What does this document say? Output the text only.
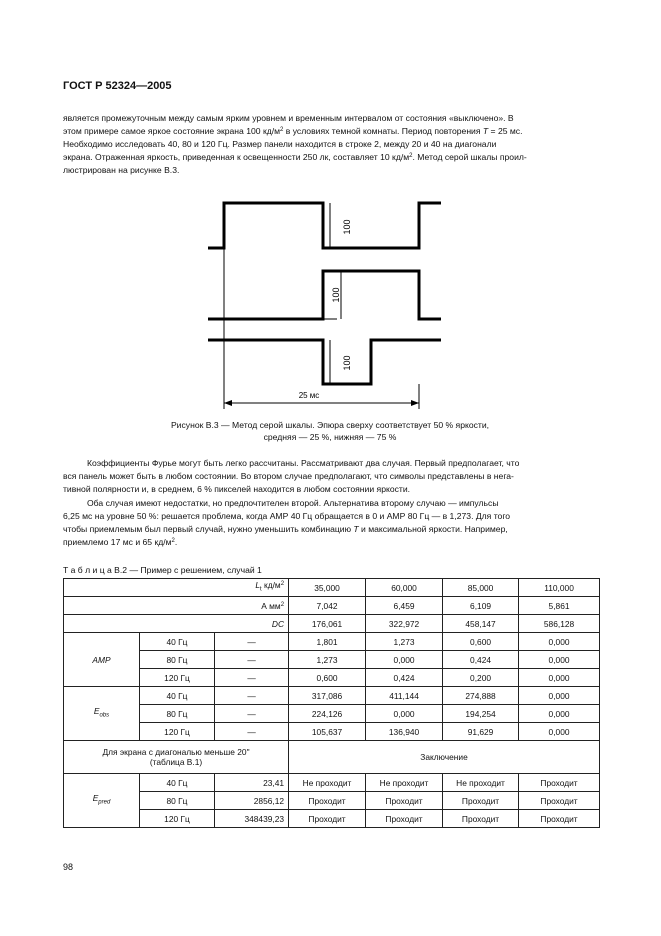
ГОСТ Р 52324—2005

является промежуточным между самым ярким уровнем и временным интервалом от состояния «выключено». В
этом примере самое яркое состояние экрана 100 $кд/м^2$ в условиях темной комнаты. Период повторения T = 25 мс.
Необходимо исследовать 40, 80 и 120 Гц. Размер панели находится в строке 2, между 20 и 40 на диагонали
экрана. Отраженная яркость, приведенная к освещенности 250 лк, составляет 10 $кд/м^2$. Метод серой шкалы проил-
люстрирован на рисунке В.3.

100
100
100
25 мс
Рисунок В.3 — Метод серой шкалы. Эпюра сверху соответствует 50 % яркости,
средняя — 25 %, нижняя — 75 %

Коэффициенты Фурье могут быть легко рассчитаны. Рассматривают два случая. Первый предполагает, что
вся панель может быть в любом состоянии. Во втором случае предполагают, что символы представлены в нега-
тивной полярности и, в среднем, 6 % пикселей находится в любом состоянии яркости.

Оба случая имеют недостатки, но предпочтителен второй. Альтернатива второму случаю — импульсы
6,25 мс на уровне 50 %: решается проблема, когда АМР 40 Гц обращается в 0 и АМР 80 Гц — в 1,273. Для того
чтобы приемлемым был первый случай, нужно уменьшить комбинацию T и максимальной яркости. Например,
приемлемо 17 мс и 65 $кд/м^2$.

Т а б л и ц а В.2 — Пример с решением, случай 1
$L_t$ $кд/м^2$			35,000	60,000	85,000	110,000
А $мм^2$			7,042	6,459	6,109	5,861
DC			176,061	322,972	458,147	586,128
AMP	40 Гц	—	1,801	1,273	0,600	0,000
	80 Гц	—	1,273	0,000	0,424	0,000
	120 Гц	—	0,600	0,424	0,200	0,000
$E_{obs}$	40 Гц	—	317,086	411,144	274,888	0,000
	80 Гц	—	224,126	0,000	194,254	0,000
	120 Гц	—	105,637	136,940	91,629	0,000

Для экрана с диагональю меньше 20"
(таблица В.1)			Заключение			
$E_{pred}$	40 Гц	23,41	Не проходит	Не проходит	Не проходит	Проходит
	80 Гц	2856,12	Проходит	Проходит	Проходит	Проходит
	120 Гц	348439,23	Проходит	Проходит	Проходит	Проходит
98
